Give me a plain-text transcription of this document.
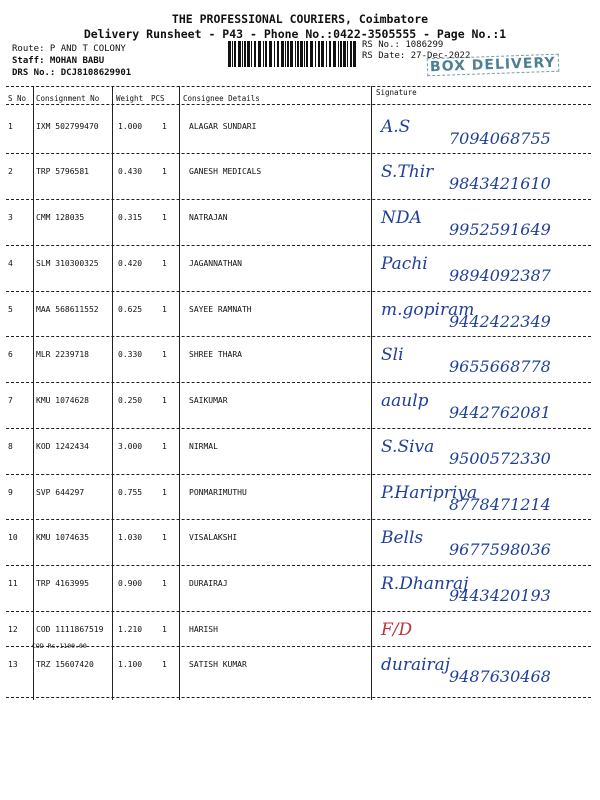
THE PROFESSIONAL COURIERS, Coimbatore
Delivery Runsheet - P43 - Phone No.:0422-3505555 - Page No.:1
Route: P AND T COLONY
Staff: MOHAN BABU
DRS No.: DCJ8108629901
RS No.: 1086299
RS Date: 27-Dec-2022
BOX DELIVERY
S No Consignment No Weight PCS Consignee Details
Signature
1	IXM 502799470 1.000 1	ALAGAR SUNDARI	A.S
7094068755
2	TRP 5796581	0.430 1	GANESH MEDICALS	S.Thir
9843421610
3	CMM 128035	0.315 1	NATRAJAN	NDA
9952591649
4	SLM 310300325 0.420 1	JAGANNATHAN	Pachi
9894092387
5	MAA 568611552 0.625 1	SAYEE RAMNATH	m.gopiram
9442422349
6	MLR 2239718	0.330 1	SHREE THARA	Sli
9655668778
7	KMU 1074628	0.250 1	SAIKUMAR	aaulp
9442762081
8	KOD 1242434	3.000 1	NIRMAL	S.Siva
9500572330
9	SVP 644297	0.755 1	PONMARIMUTHU	P.Haripriya
8778471214
10 KMU 1074635	1.030 1	VISALAKSHI	Bells
9677598036
11 TRP 4163995	0.900 1	DURAIRAJ	R.Dhanraj
9443420193
12 COD 1111867519 1.210 1	HARISH
COD Rs.1100.00
F/D
13 TRZ 15607420	1.100 1	SATISH KUMAR	durairaj
9487630468
